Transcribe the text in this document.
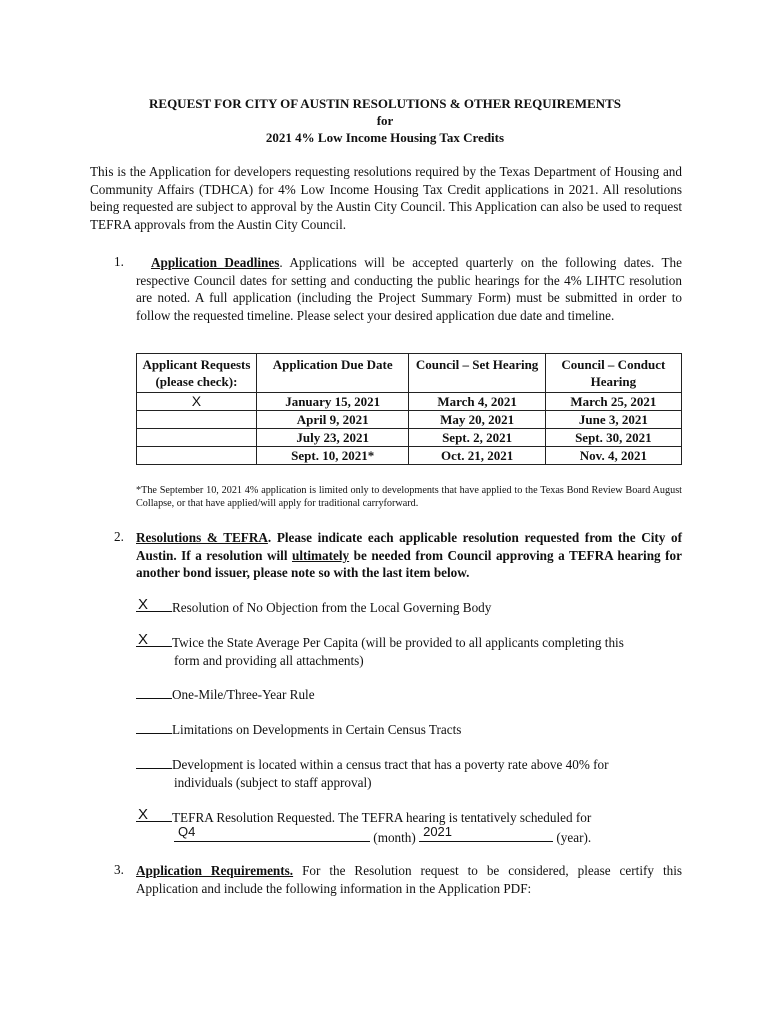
REQUEST FOR CITY OF AUSTIN RESOLUTIONS & OTHER REQUIREMENTS
for
2021 4% Low Income Housing Tax Credits
This is the Application for developers requesting resolutions required by the Texas Department of Housing and Community Affairs (TDHCA) for 4% Low Income Housing Tax Credit applications in 2021. All resolutions being requested are subject to approval by the Austin City Council. This Application can also be used to request TEFRA approvals from the Austin City Council.
1.	Application Deadlines. Applications will be accepted quarterly on the following dates. The respective Council dates for setting and conducting the public hearings for the 4% LIHTC resolution are noted. A full application (including the Project Summary Form) must be submitted in order to follow the requested timeline. Please select your desired application due date and timeline.
Applicant Requests (please check):	Application Due Date	Council – Set Hearing	Council – Conduct Hearing
X	January 15, 2021	March 4, 2021	March 25, 2021
	April 9, 2021	May 20, 2021	June 3, 2021
	July 23, 2021	Sept. 2, 2021	Sept. 30, 2021
	Sept. 10, 2021*	Oct. 21, 2021	Nov. 4, 2021
*The September 10, 2021 4% application is limited only to developments that have applied to the Texas Bond Review Board August Collapse, or that have applied/will apply for traditional carryforward.
2. Resolutions & TEFRA. Please indicate each applicable resolution requested from the City of Austin. If a resolution will ultimately be needed from Council approving a TEFRA hearing for another bond issuer, please note so with the last item below.
X Resolution of No Objection from the Local Governing Body
X Twice the State Average Per Capita (will be provided to all applicants completing this
form and providing all attachments)
One-Mile/Three-Year Rule
Limitations on Developments in Certain Census Tracts
Development is located within a census tract that has a poverty rate above 40% for
individuals (subject to staff approval)
X TEFRA Resolution Requested. The TEFRA hearing is tentatively scheduled for

Q4	(month) 2021	(year).
3. Application Requirements. For the Resolution request to be considered, please certify this Application and include the following information in the Application PDF:
